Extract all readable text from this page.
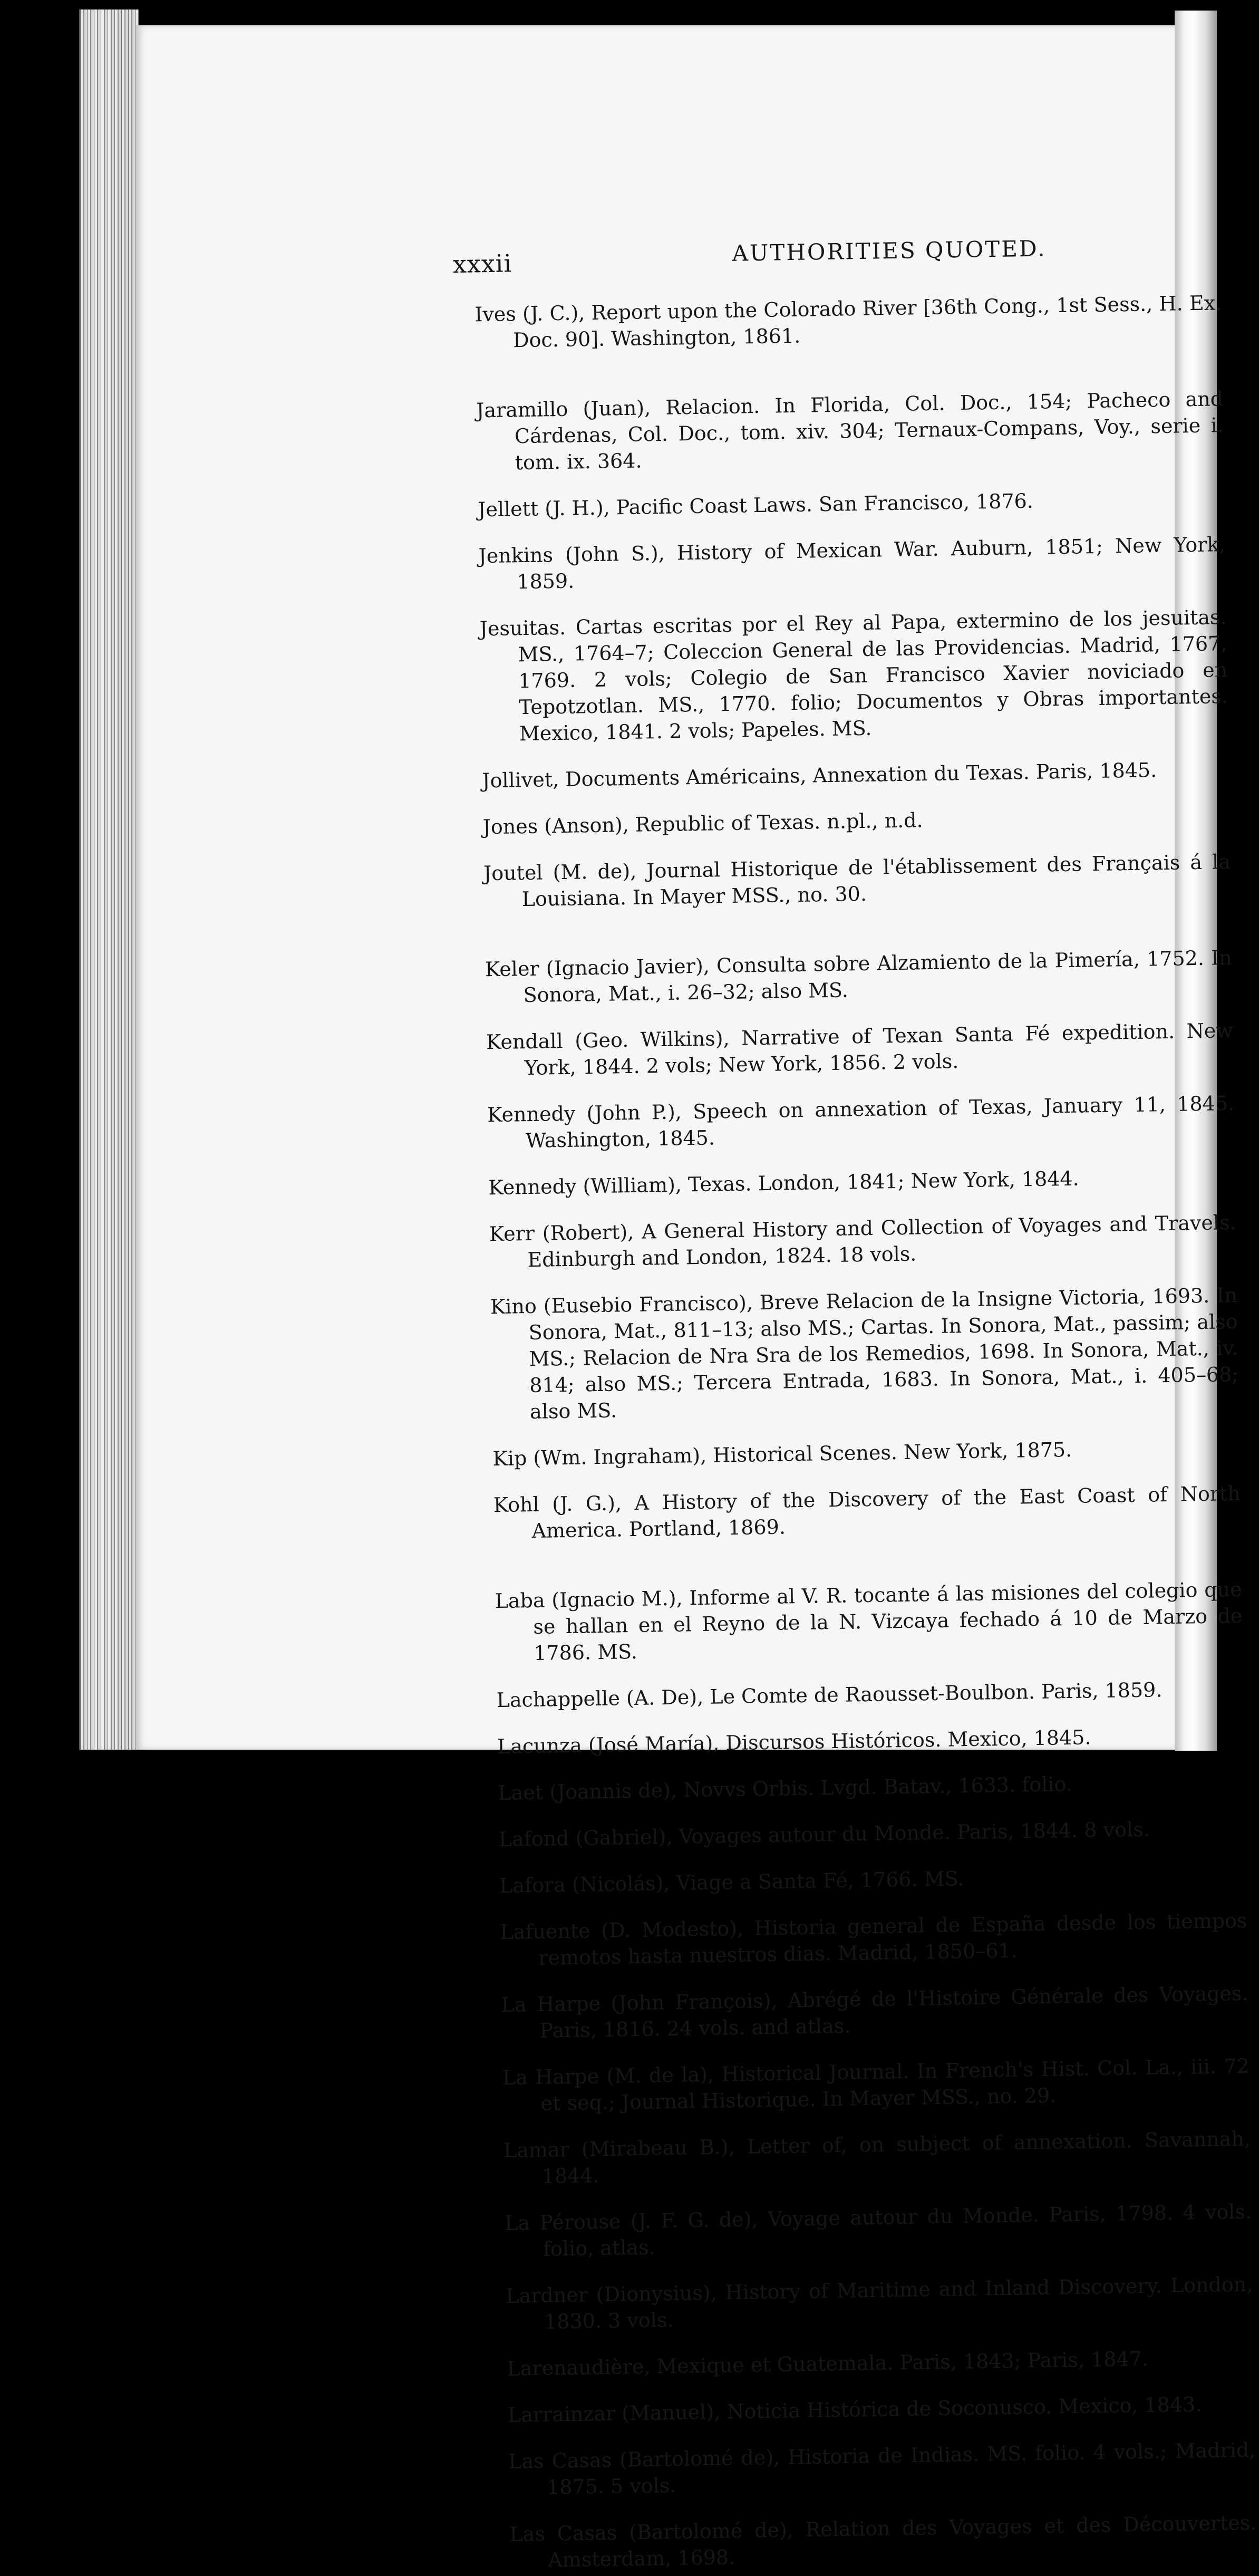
xxxii	AUTHORITIES QUOTED.

Ives (J. C.), Report upon the Colorado River [36th Cong., 1st Sess., H. Ex. Doc. 90]. Washington, 1861.

Jaramillo (Juan), Relacion. In Florida, Col. Doc., 154; Pacheco and Cárdenas, Col. Doc., tom. xiv. 304; Ternaux-Compans, Voy., serie i. tom. ix. 364.

Jellett (J. H.), Pacific Coast Laws. San Francisco, 1876.

Jenkins (John S.), History of Mexican War. Auburn, 1851; New York, 1859.

Jesuitas. Cartas escritas por el Rey al Papa, extermino de los jesuitas. MS., 1764–7; Coleccion General de las Providencias. Madrid, 1767, 1769. 2 vols; Colegio de San Francisco Xavier noviciado en Tepotzotlan. MS., 1770. folio; Documentos y Obras importantes. Mexico, 1841. 2 vols; Papeles. MS.

Jollivet, Documents Américains, Annexation du Texas. Paris, 1845.

Jones (Anson), Republic of Texas. n.pl., n.d.

Joutel (M. de), Journal Historique de l'établissement des Français á la Louisiana. In Mayer MSS., no. 30.

Keler (Ignacio Javier), Consulta sobre Alzamiento de la Pimería, 1752. In Sonora, Mat., i. 26–32; also MS.

Kendall (Geo. Wilkins), Narrative of Texan Santa Fé expedition. New York, 1844. 2 vols; New York, 1856. 2 vols.

Kennedy (John P.), Speech on annexation of Texas, January 11, 1845. Washington, 1845.

Kennedy (William), Texas. London, 1841; New York, 1844.

Kerr (Robert), A General History and Collection of Voyages and Travels. Edinburgh and London, 1824. 18 vols.

Kino (Eusebio Francisco), Breve Relacion de la Insigne Victoria, 1693. In Sonora, Mat., 811–13; also MS.; Cartas. In Sonora, Mat., passim; also MS.; Relacion de Nra Sra de los Remedios, 1698. In Sonora, Mat., iv. 814; also MS.; Tercera Entrada, 1683. In Sonora, Mat., i. 405–68; also MS.

Kip (Wm. Ingraham), Historical Scenes. New York, 1875.

Kohl (J. G.), A History of the Discovery of the East Coast of North America. Portland, 1869.

Laba (Ignacio M.), Informe al V. R. tocante á las misiones del colegio que se hallan en el Reyno de la N. Vizcaya fechado á 10 de Marzo de 1786. MS.

Lachappelle (A. De), Le Comte de Raousset-Boulbon. Paris, 1859.

Lacunza (José María), Discursos Históricos. Mexico, 1845.

Laet (Joannis de), Novvs Orbis. Lvgd. Batav., 1633. folio.

Lafond (Gabriel), Voyages autour du Monde. Paris, 1844. 8 vols.

Lafora (Nicolás), Viage a Santa Fé, 1766. MS.

Lafuente (D. Modesto), Historia general de España desde los tiempos remotos hasta nuestros dias. Madrid, 1850–61.

La Harpe (John François), Abrégé de l'Histoire Générale des Voyages. Paris, 1816. 24 vols. and atlas.

La Harpe (M. de la), Historical Journal. In French's Hist. Col. La., iii. 72 et seq.; Journal Historique. In Mayer MSS., no. 29.

Lamar (Mirabeau B.), Letter of, on subject of annexation. Savannah, 1844.

La Pérouse (J. F. G. de), Voyage autour du Monde. Paris, 1798. 4 vols. folio, atlas.

Lardner (Dionysius), History of Maritime and Inland Discovery. London, 1830. 3 vols.

Larenaudière, Mexique et Guatemala. Paris, 1843; Paris, 1847.

Larrainzar (Manuel), Noticia Histórica de Soconusco. Mexico, 1843.

Las Casas (Bartolomé de), Historia de Indias. MS. folio. 4 vols.; Madrid, 1875. 5 vols.

Las Casas (Bartolomé de), Relation des Voyages et des Découvertes. Amsterdam, 1698.
